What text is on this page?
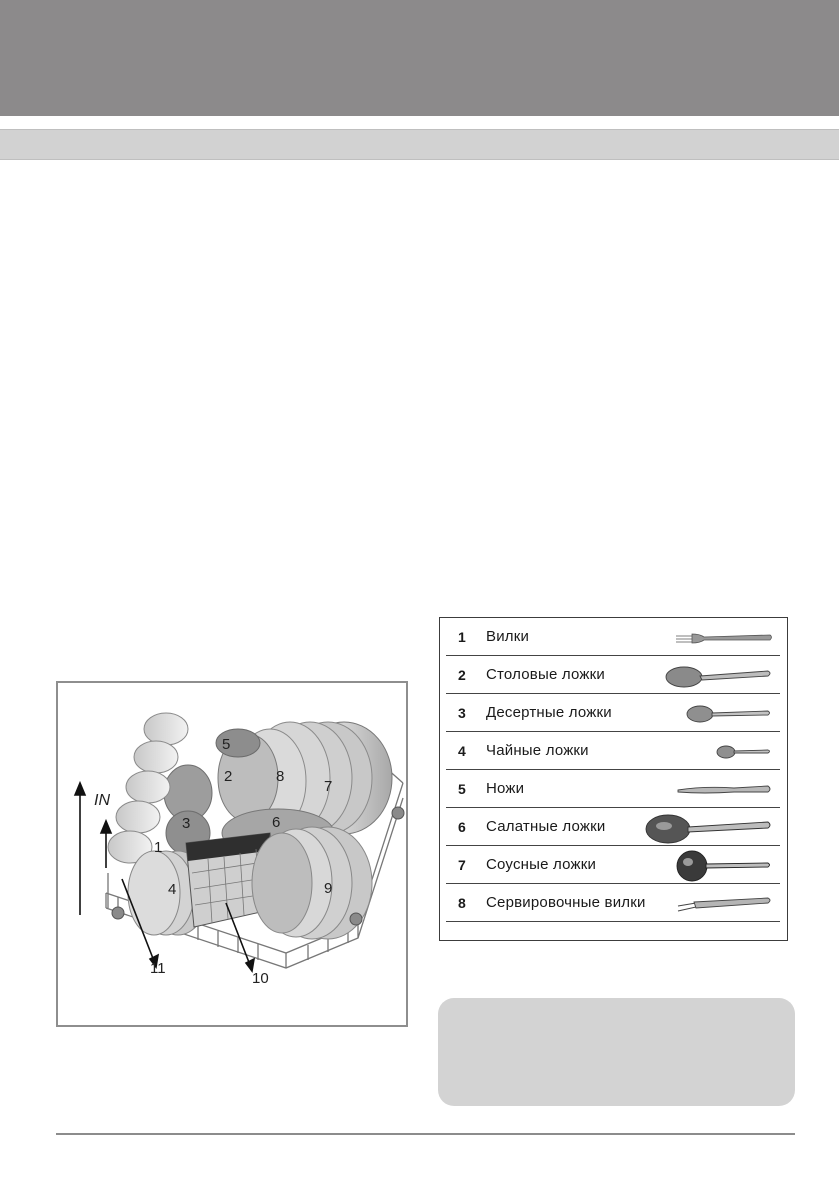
IN
1
2
3
4
5
6
7
8
9
10
11
1	Вилки
2	Столовые ложки
3	Десертные ложки
4	Чайные ложки
5	Ножи
6	Салатные ложки
7	Соусные ложки
8	Сервировочные вилки
